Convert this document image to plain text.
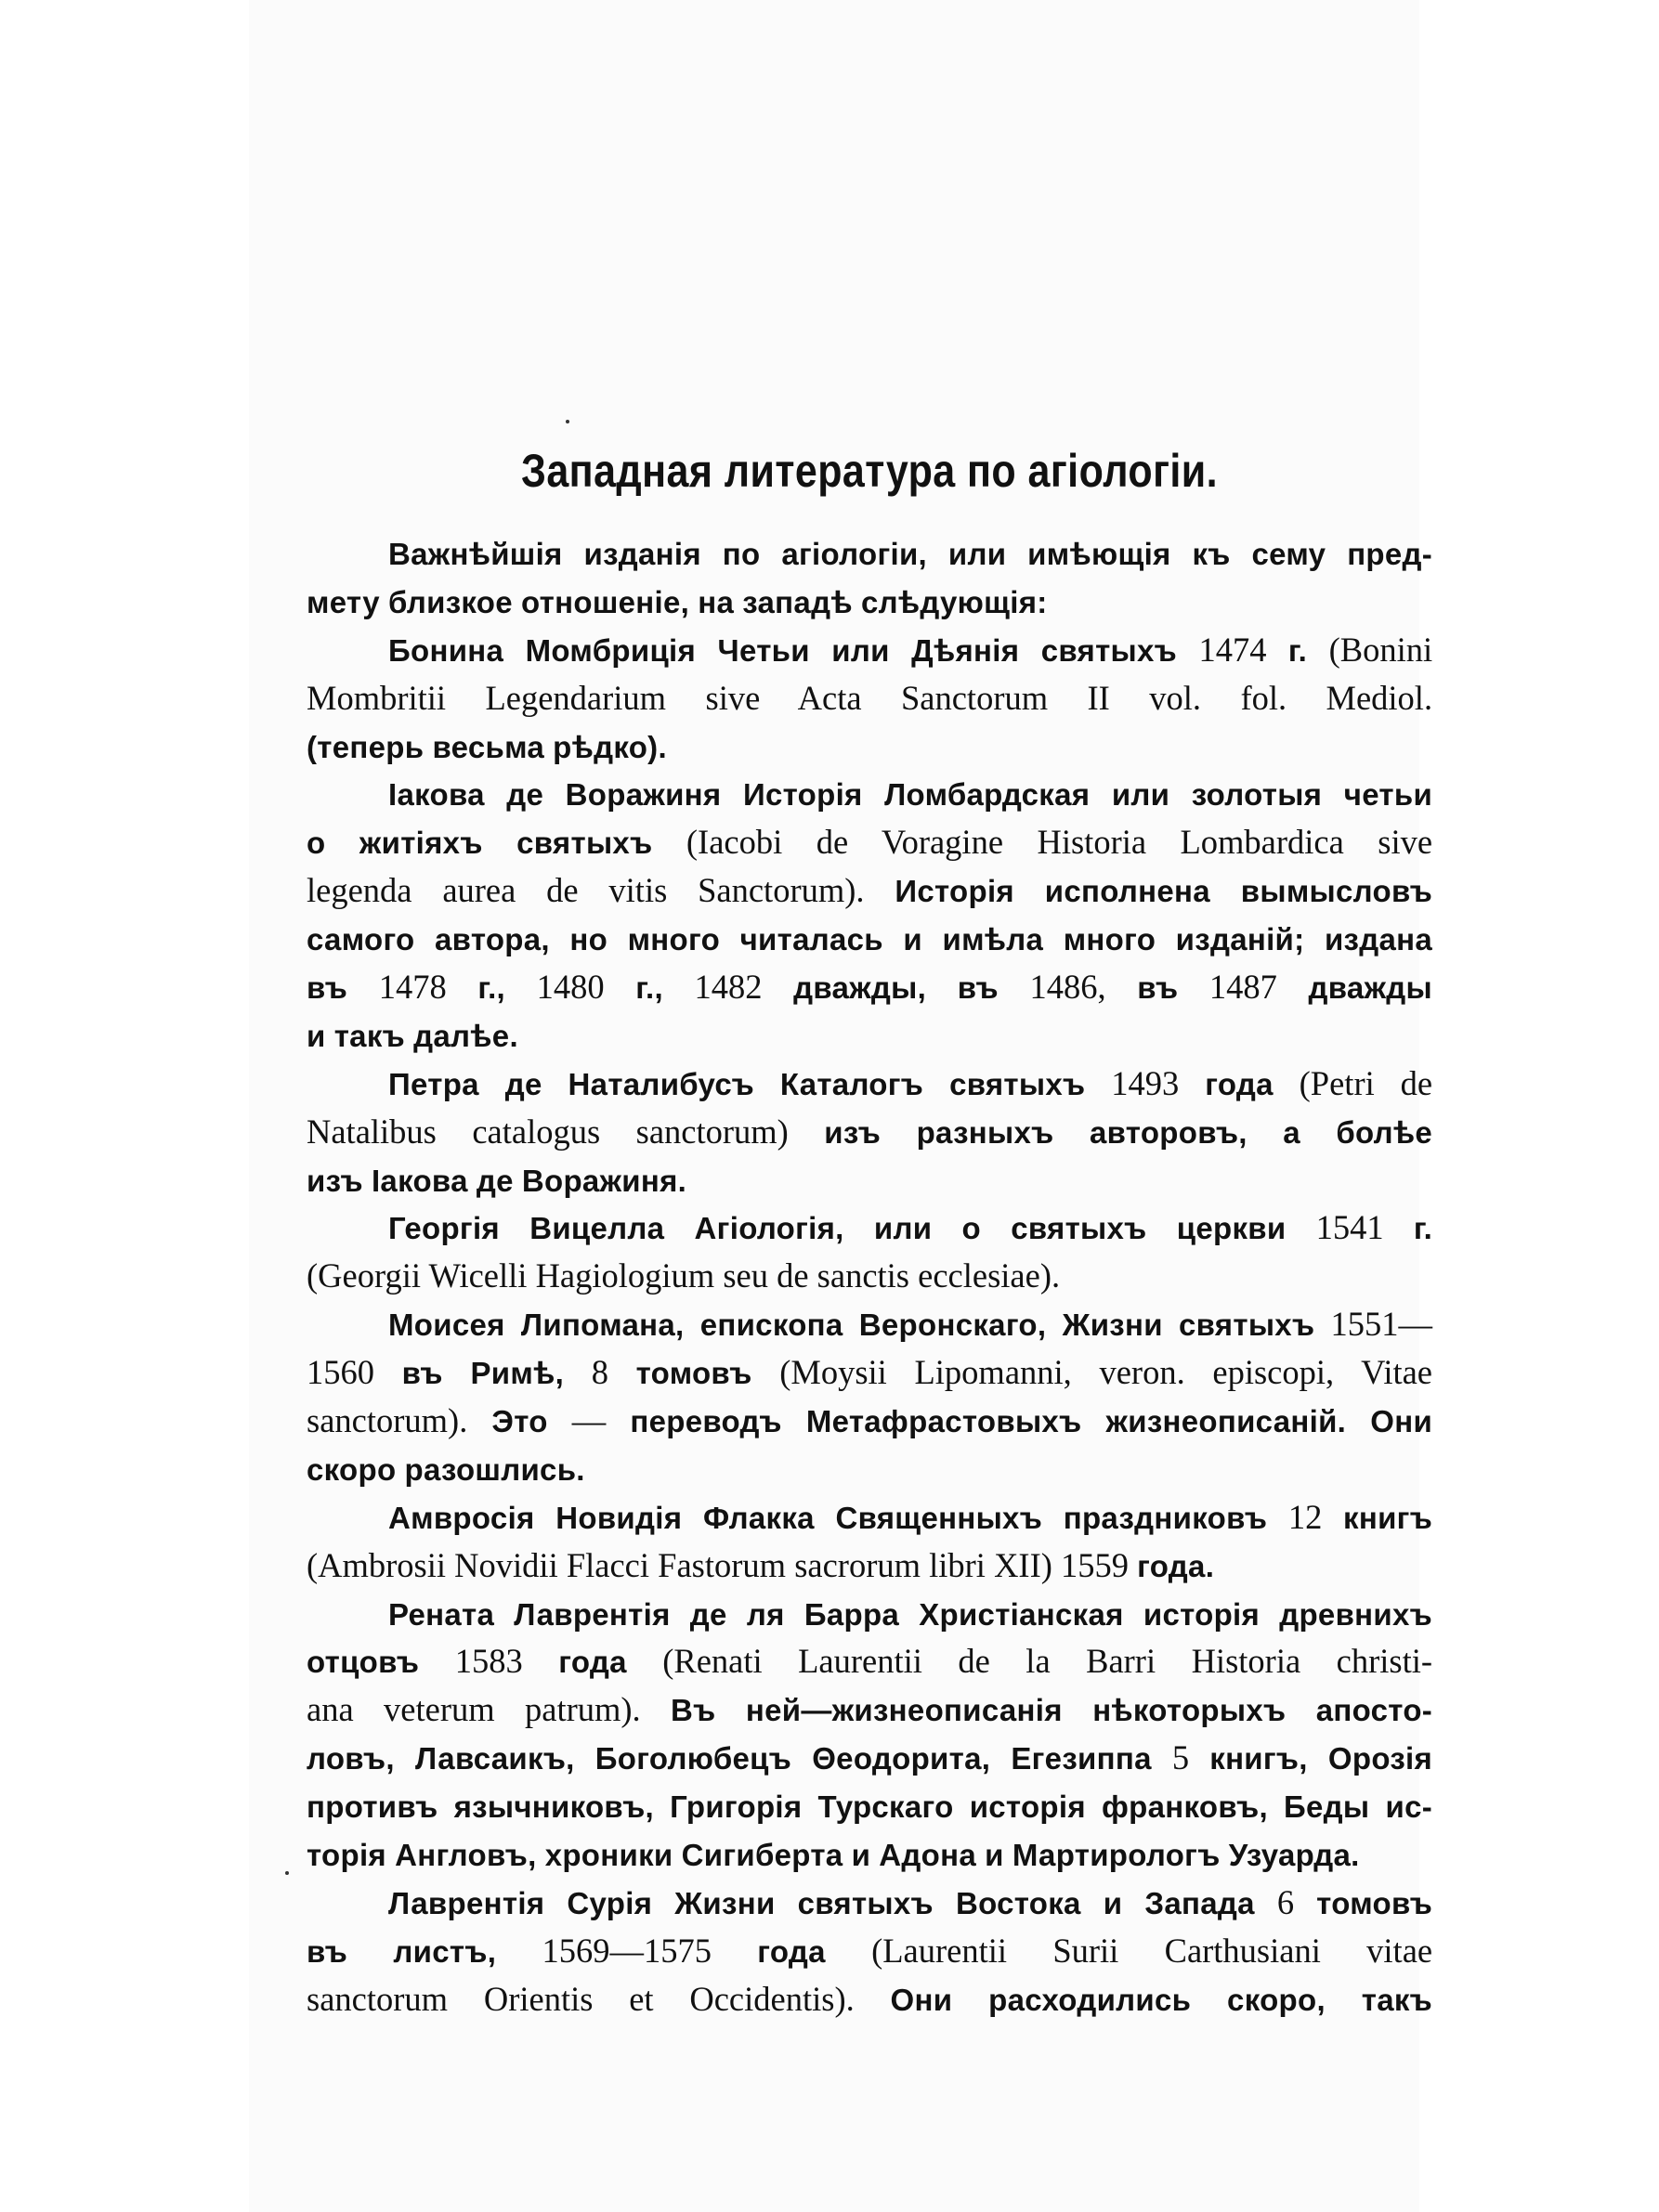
Западная литература по агіологіи.
Важнѣйшія изданія по агіологіи, или имѣющія къ сему пред-
мету близкое отношеніе, на западѣ слѣдующія:
Бонина Момбриція Четьи или Дѣянія святыхъ 1474 г. (Bonini
Mombritii Legendarium sive Acta Sanctorum II vol. fol. Mediol.
(теперь весьма рѣдко).
Іакова де Воражиня Исторія Ломбардская или золотыя четьи
о житіяхъ святыхъ (Iacobi de Voragine Historia Lombardica sive
legenda aurea de vitis Sanctorum). Исторія исполнена вымысловъ
самого автора, но много читалась и имѣла много изданій; издана
въ 1478 г., 1480 г., 1482 дважды, въ 1486, въ 1487 дважды
и такъ далѣе.
Петра де Наталибусъ Каталогъ святыхъ 1493 года (Petri de
Natalibus catalogus sanctorum) изъ разныхъ авторовъ, а болѣе
изъ Іакова де Воражиня.
Георгія Вицелла Агіологія, или о святыхъ церкви 1541 г.
(Georgii Wicelli Hagiologium seu de sanctis ecclesiae).
Моисея Липомана, епископа Веронскаго, Жизни святыхъ 1551—
1560 въ Римѣ, 8 томовъ (Moysii Lipomanni, veron. episcopi, Vitae
sanctorum). Это — переводъ Метафрастовыхъ жизнеописаній. Они
скоро разошлись.
Амвросія Новидія Флакка Священныхъ праздниковъ 12 книгъ
(Ambrosii Novidii Flacci Fastorum sacrorum libri XII) 1559 года.
Рената Лаврентія де ля Барра Христіанская исторія древнихъ
отцовъ 1583 года (Renati Laurentii de la Barri Historia christi-
ana veterum patrum). Въ ней—жизнеописанія нѣкоторыхъ апосто-
ловъ, Лавсаикъ, Боголюбецъ Θеодорита, Егезиппа 5 книгъ, Орозія
противъ язычниковъ, Григорія Турскаго исторія франковъ, Беды ис-
торія Англовъ, хроники Сигиберта и Адона и Мартирологъ Узуарда.
Лаврентія Сурія Жизни святыхъ Востока и Запада 6 томовъ
въ листъ, 1569—1575 года (Laurentii Surii Carthusiani vitae
sanctorum Orientis et Occidentis). Они расходились скоро, такъ
